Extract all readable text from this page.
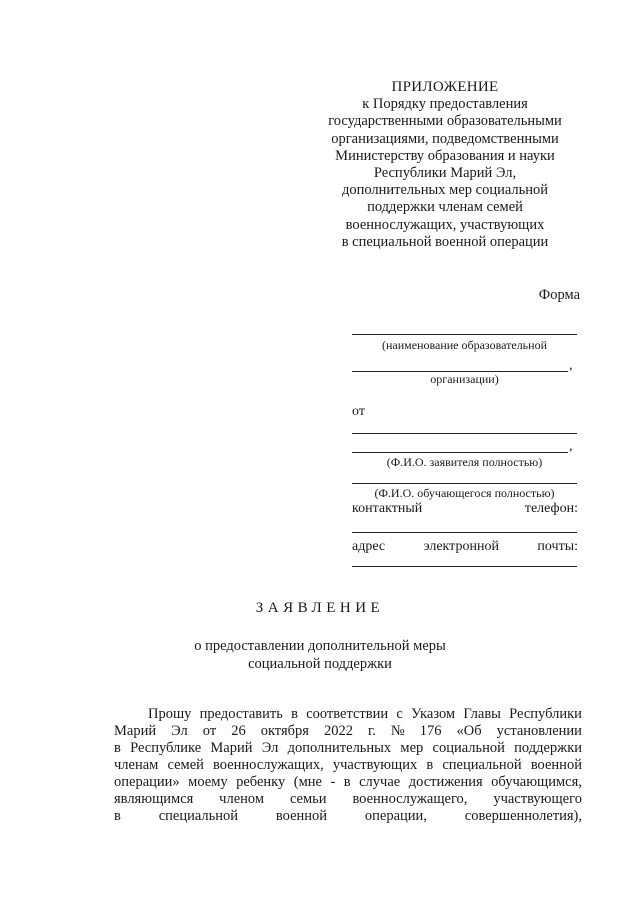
ПРИЛОЖЕНИЕ
к Порядку предоставления
государственными образовательными
организациями, подведомственными
Министерству образования и науки
Республики Марий Эл,
дополнительных мер социальной
поддержки членам семей
военнослужащих, участвующих
в специальной военной операции
Форма
(наименование образовательной
,
организации)
от
,
(Ф.И.О. заявителя полностью)
(Ф.И.О. обучающегося полностью)
контактный	телефон:
адрес	электронной	почты:
ЗАЯВЛЕНИЕ
о предоставлении дополнительной меры
социальной поддержки
Прошу предоставить в соответствии с Указом Главы Республики
Марий Эл от 26 октября 2022 г. № 176 «Об установлении
в Республике Марий Эл дополнительных мер социальной поддержки
членам семей военнослужащих, участвующих в специальной военной
операции» моему ребенку (мне - в случае достижения обучающимся,
являющимся членом семьи военнослужащего, участвующего
в	специальной	военной	операции,	совершеннолетия),
